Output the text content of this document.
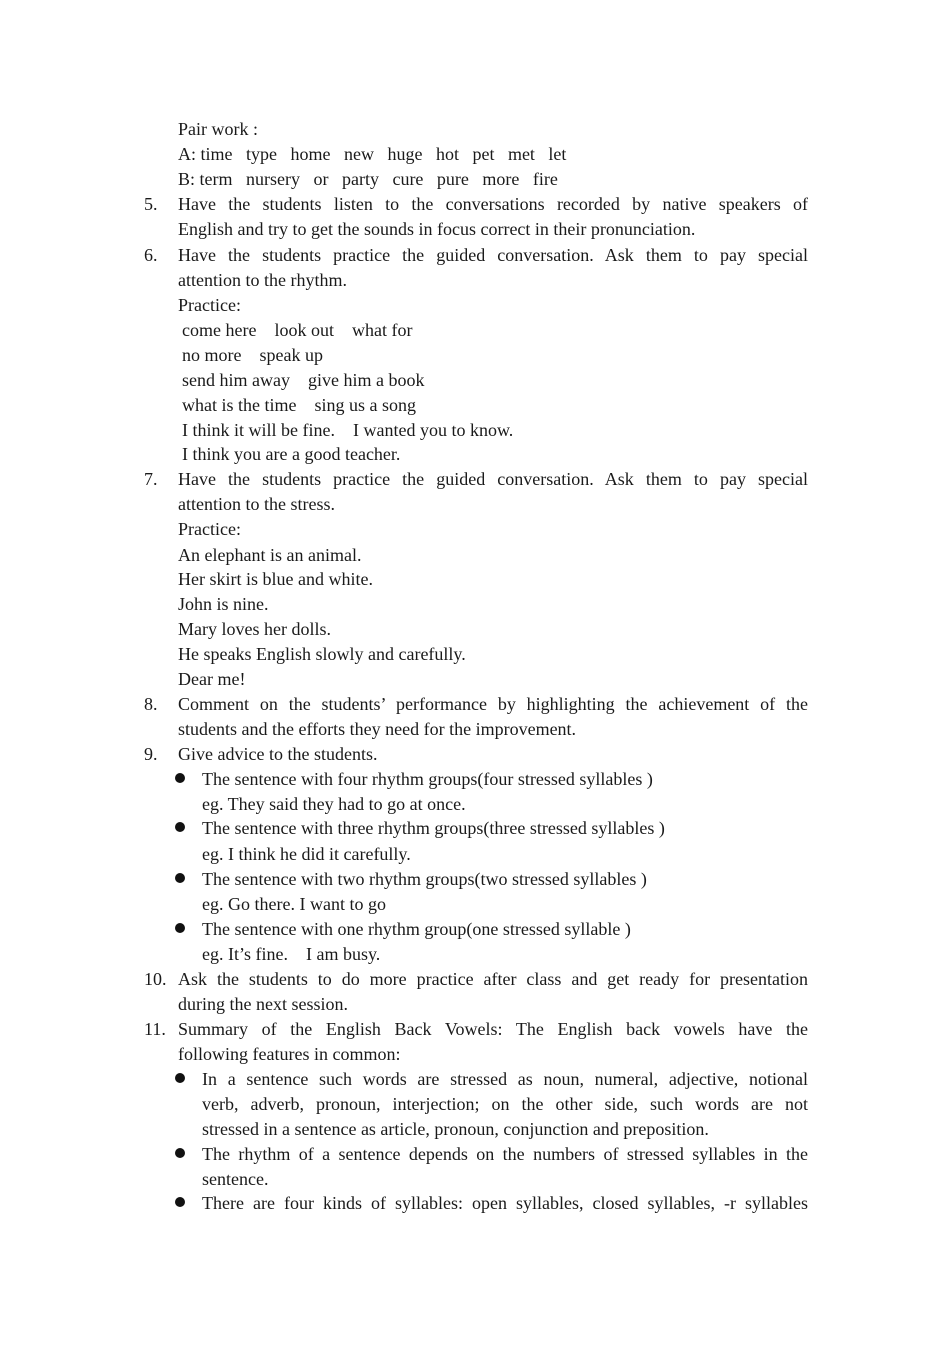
Pair work :
A: time   type   home   new   huge   hot   pet   met   let
B: term   nursery   or   party   cure   pure   more   fire
5. Have the students listen to the conversations recorded by native speakers of
English and try to get the sounds in focus correct in their pronunciation.
6. Have the students practice the guided conversation. Ask them to pay special
attention to the rhythm.
Practice:
come here    look out    what for
no more    speak up
send him away    give him a book
what is the time    sing us a song
I think it will be fine.    I wanted you to know.
I think you are a good teacher.
7. Have the students practice the guided conversation. Ask them to pay special
attention to the stress.
Practice:
An elephant is an animal.
Her skirt is blue and white.
John is nine.
Mary loves her dolls.
He speaks English slowly and carefully.
Dear me!
8. Comment on the students’ performance by highlighting the achievement of the
students and the efforts they need for the improvement.
9. Give advice to the students.
The sentence with four rhythm groups(four stressed syllables )
eg. They said they had to go at once.
The sentence with three rhythm groups(three stressed syllables )
eg. I think he did it carefully.
The sentence with two rhythm groups(two stressed syllables )
eg. Go there. I want to go
The sentence with one rhythm group(one stressed syllable )
eg. It’s fine.    I am busy.
10. Ask the students to do more practice after class and get ready for presentation
during the next session.
11. Summary of the English Back Vowels: The English back vowels have the
following features in common:
In a sentence such words are stressed as noun, numeral, adjective, notional
verb, adverb, pronoun, interjection; on the other side, such words are not
stressed in a sentence as article, pronoun, conjunction and preposition.
The rhythm of a sentence depends on the numbers of stressed syllables in the
sentence.
There are four kinds of syllables: open syllables, closed syllables, -r syllables
